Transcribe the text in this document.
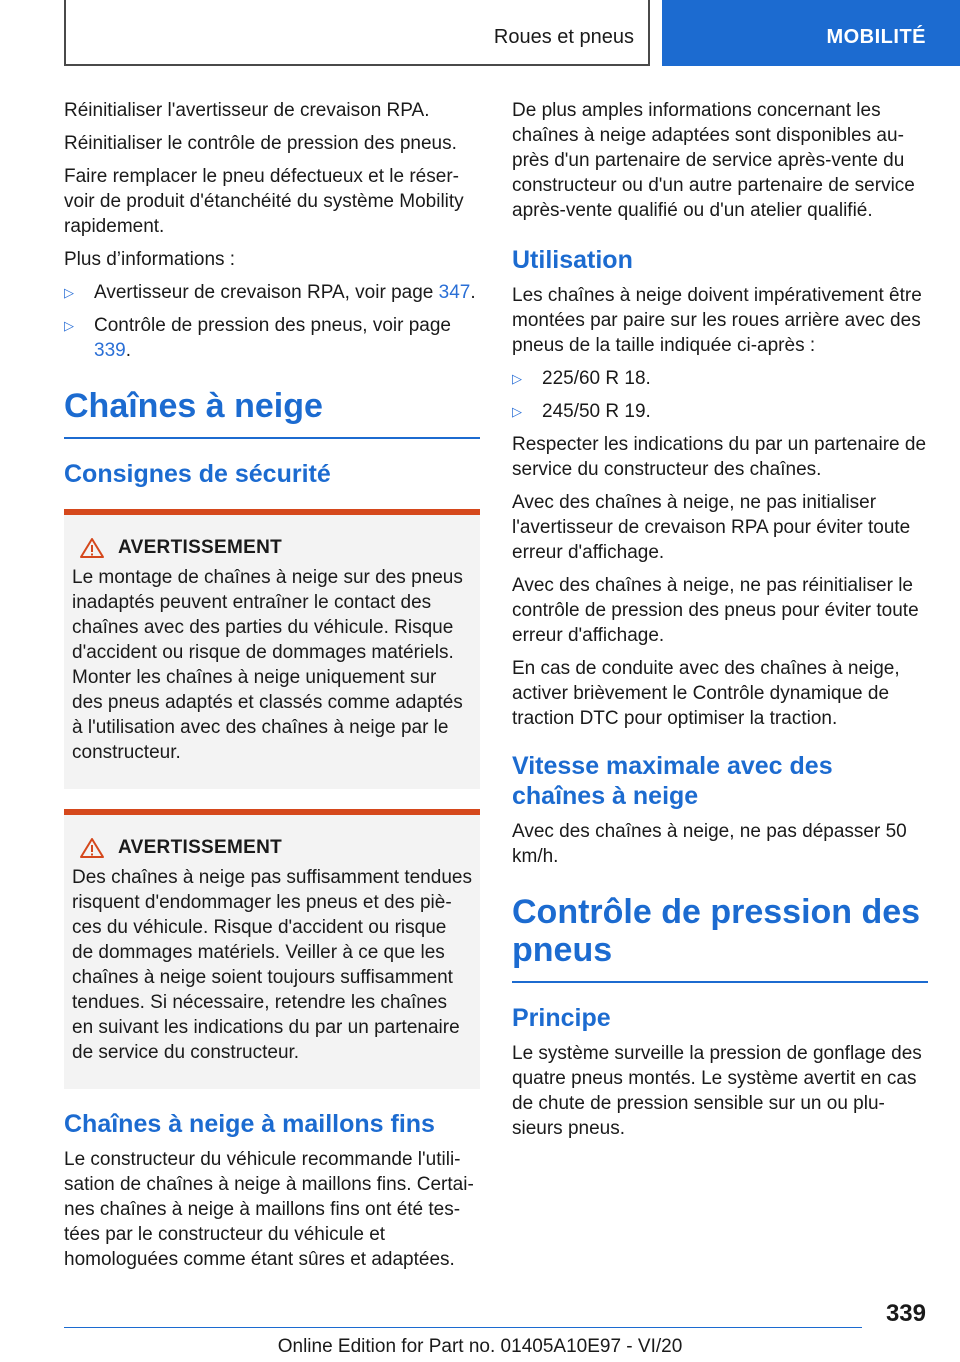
Roues et pneus	MOBILITÉ

Réinitialiser l'avertisseur de crevaison RPA.

Réinitialiser le contrôle de pression des pneus.

Faire remplacer le pneu défectueux et le réservoir de produit d'étanchéité du système Mobility rapidement.

Plus d’informations :

▷ Avertisseur de crevaison RPA, voir page 347.
▷ Contrôle de pression des pneus, voir page 339.
Chaînes à neige
Consignes de sécurité
AVERTISSEMENT

Le montage de chaînes à neige sur des pneus inadaptés peuvent entraîner le contact des chaînes avec des parties du véhicule. Risque d'accident ou risque de dommages matériels. Monter les chaînes à neige uniquement sur des pneus adaptés et classés comme adaptés à l'utilisation avec des chaînes à neige par le constructeur.

AVERTISSEMENT

Des chaînes à neige pas suffisamment tendues risquent d'endommager les pneus et des pièces du véhicule. Risque d'accident ou risque de dommages matériels. Veiller à ce que les chaînes à neige soient toujours suffisamment tendues. Si nécessaire, retendre les chaînes en suivant les indications du par un partenaire de service du constructeur.

Chaînes à neige à maillons fins

Le constructeur du véhicule recommande l'utilisation de chaînes à neige à maillons fins. Certaines chaînes à neige à maillons fins ont été testées par le constructeur du véhicule et homologuées comme étant sûres et adaptées.

De plus amples informations concernant les chaînes à neige adaptées sont disponibles auprès d'un partenaire de service après-vente du constructeur ou d'un autre partenaire de service après-vente qualifié ou d'un atelier qualifié.

Utilisation

Les chaînes à neige doivent impérativement être montées par paire sur les roues arrière avec des pneus de la taille indiquée ci-après :

▷ 225/60 R 18.
▷ 245/50 R 19.

Respecter les indications du par un partenaire de service du constructeur des chaînes.

Avec des chaînes à neige, ne pas initialiser l'avertisseur de crevaison RPA pour éviter toute erreur d'affichage.

Avec des chaînes à neige, ne pas réinitialiser le contrôle de pression des pneus pour éviter toute erreur d'affichage.

En cas de conduite avec des chaînes à neige, activer brièvement le Contrôle dynamique de traction DTC pour optimiser la traction.

Vitesse maximale avec des chaînes à neige

Avec des chaînes à neige, ne pas dépasser 50 km/h.

Contrôle de pression des pneus
Principe

Le système surveille la pression de gonflage des quatre pneus montés. Le système avertit en cas de chute de pression sensible sur un ou plusieurs pneus.

339
Online Edition for Part no. 01405A10E97 - VI/20
